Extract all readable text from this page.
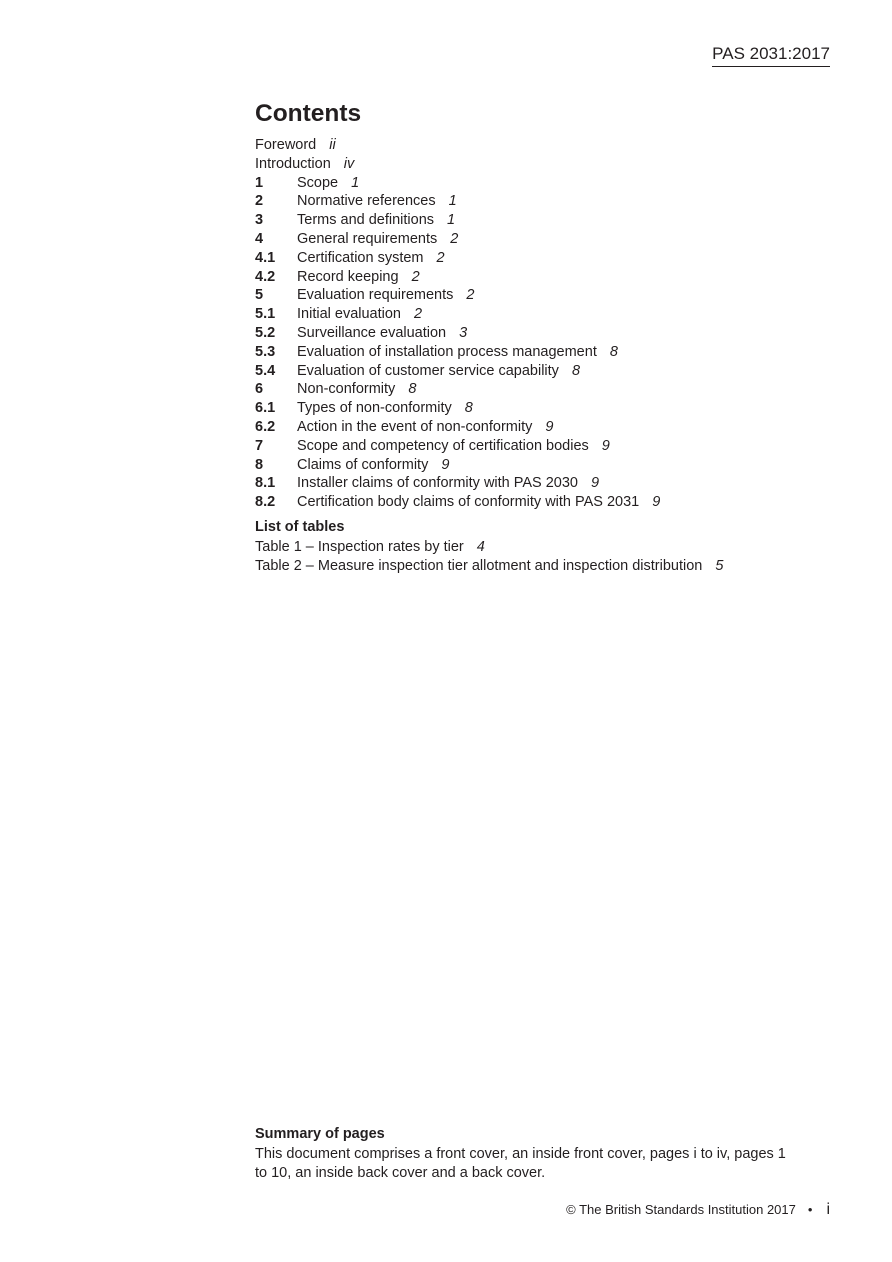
PAS 2031:2017
Contents
Foreword ii
Introduction iv
1 Scope 1
2 Normative references 1
3 Terms and definitions 1
4 General requirements 2
4.1 Certification system 2
4.2 Record keeping 2
5 Evaluation requirements 2
5.1 Initial evaluation 2
5.2 Surveillance evaluation 3
5.3 Evaluation of installation process management 8
5.4 Evaluation of customer service capability 8
6 Non-conformity 8
6.1 Types of non-conformity 8
6.2 Action in the event of non-conformity 9
7 Scope and competency of certification bodies 9
8 Claims of conformity 9
8.1 Installer claims of conformity with PAS 2030 9
8.2 Certification body claims of conformity with PAS 2031 9
List of tables
Table 1 – Inspection rates by tier 4
Table 2 – Measure inspection tier allotment and inspection distribution 5
Summary of pages

This document comprises a front cover, an inside front cover, pages i to iv, pages 1 to 10, an inside back cover and a back cover.

© The British Standards Institution 2017 • i
